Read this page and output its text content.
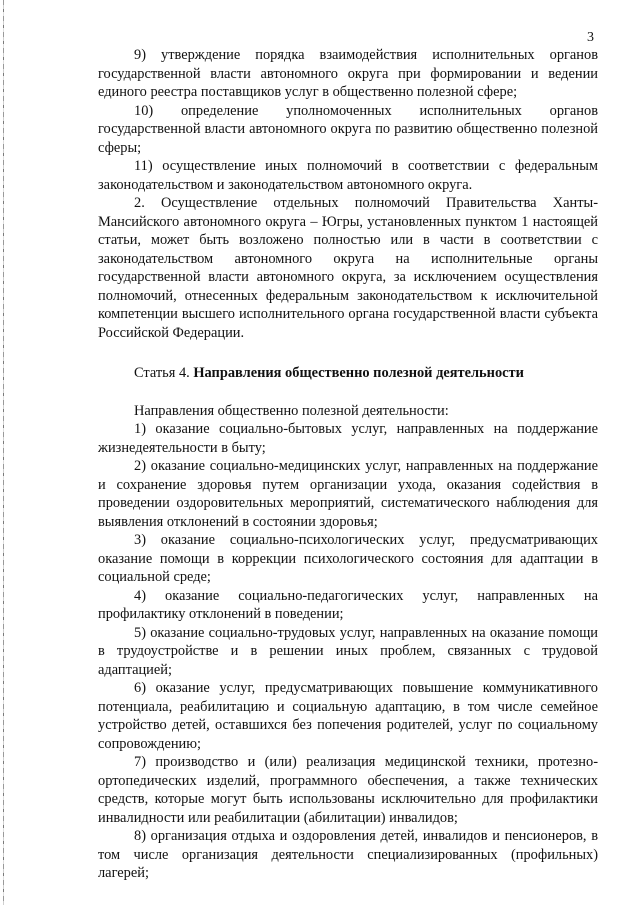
3

9) утверждение порядка взаимодействия исполнительных органов государственной власти автономного округа при формировании и ведении единого реестра поставщиков услуг в общественно полезной сфере;

10) определение уполномоченных исполнительных органов государственной власти автономного округа по развитию общественно полезной сферы;

11) осуществление иных полномочий в соответствии с федеральным законодательством и законодательством автономного округа.

2. Осуществление отдельных полномочий Правительства Ханты-Мансийского автономного округа – Югры, установленных пунктом 1 настоящей статьи, может быть возложено полностью или в части в соответствии с законодательством автономного округа на исполнительные органы государственной власти автономного округа, за исключением осуществления полномочий, отнесенных федеральным законодательством к исключительной компетенции высшего исполнительного органа государственной власти субъекта Российской Федерации.

Статья 4. Направления общественно полезной деятельности

Направления общественно полезной деятельности:

1) оказание социально-бытовых услуг, направленных на поддержание жизнедеятельности в быту;

2) оказание социально-медицинских услуг, направленных на поддержание и сохранение здоровья путем организации ухода, оказания содействия в проведении оздоровительных мероприятий, систематического наблюдения для выявления отклонений в состоянии здоровья;

3) оказание социально-психологических услуг, предусматривающих оказание помощи в коррекции психологического состояния для адаптации в социальной среде;

4) оказание социально-педагогических услуг, направленных на профилактику отклонений в поведении;

5) оказание социально-трудовых услуг, направленных на оказание помощи в трудоустройстве и в решении иных проблем, связанных с трудовой адаптацией;

6) оказание услуг, предусматривающих повышение коммуникативного потенциала, реабилитацию и социальную адаптацию, в том числе семейное устройство детей, оставшихся без попечения родителей, услуг по социальному сопровождению;

7) производство и (или) реализация медицинской техники, протезно-ортопедических изделий, программного обеспечения, а также технических средств, которые могут быть использованы исключительно для профилактики инвалидности или реабилитации (абилитации) инвалидов;

8) организация отдыха и оздоровления детей, инвалидов и пенсионеров, в том числе организация деятельности специализированных (профильных) лагерей;
